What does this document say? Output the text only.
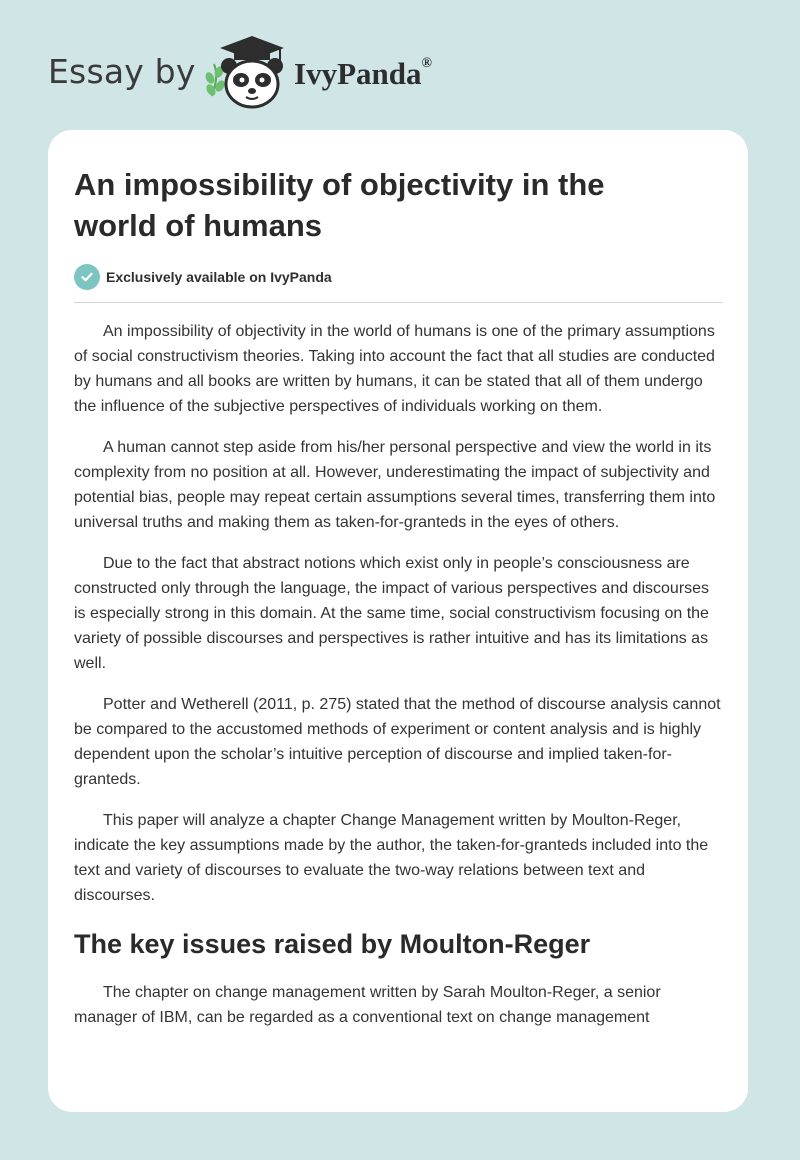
Essay by	IvyPanda®
An impossibility of objectivity in the world of humans
Exclusively available on IvyPanda

An impossibility of objectivity in the world of humans is one of the primary assumptions of social constructivism theories. Taking into account the fact that all studies are conducted by humans and all books are written by humans, it can be stated that all of them undergo the influence of the subjective perspectives of individuals working on them.

A human cannot step aside from his/her personal perspective and view the world in its complexity from no position at all. However, underestimating the impact of subjectivity and potential bias, people may repeat certain assumptions several times, transferring them into universal truths and making them as taken-for-granteds in the eyes of others.

Due to the fact that abstract notions which exist only in people’s consciousness are constructed only through the language, the impact of various perspectives and discourses is especially strong in this domain. At the same time, social constructivism focusing on the variety of possible discourses and perspectives is rather intuitive and has its limitations as well.

Potter and Wetherell (2011, p. 275) stated that the method of discourse analysis cannot be compared to the accustomed methods of experiment or content analysis and is highly dependent upon the scholar’s intuitive perception of discourse and implied taken-for-granteds.

This paper will analyze a chapter Change Management written by Moulton-Reger, indicate the key assumptions made by the author, the taken-for-granteds included into the text and variety of discourses to evaluate the two-way relations between text and discourses.

The key issues raised by Moulton-Reger

The chapter on change management written by Sarah Moulton-Reger, a senior manager of IBM, can be regarded as a conventional text on change management
